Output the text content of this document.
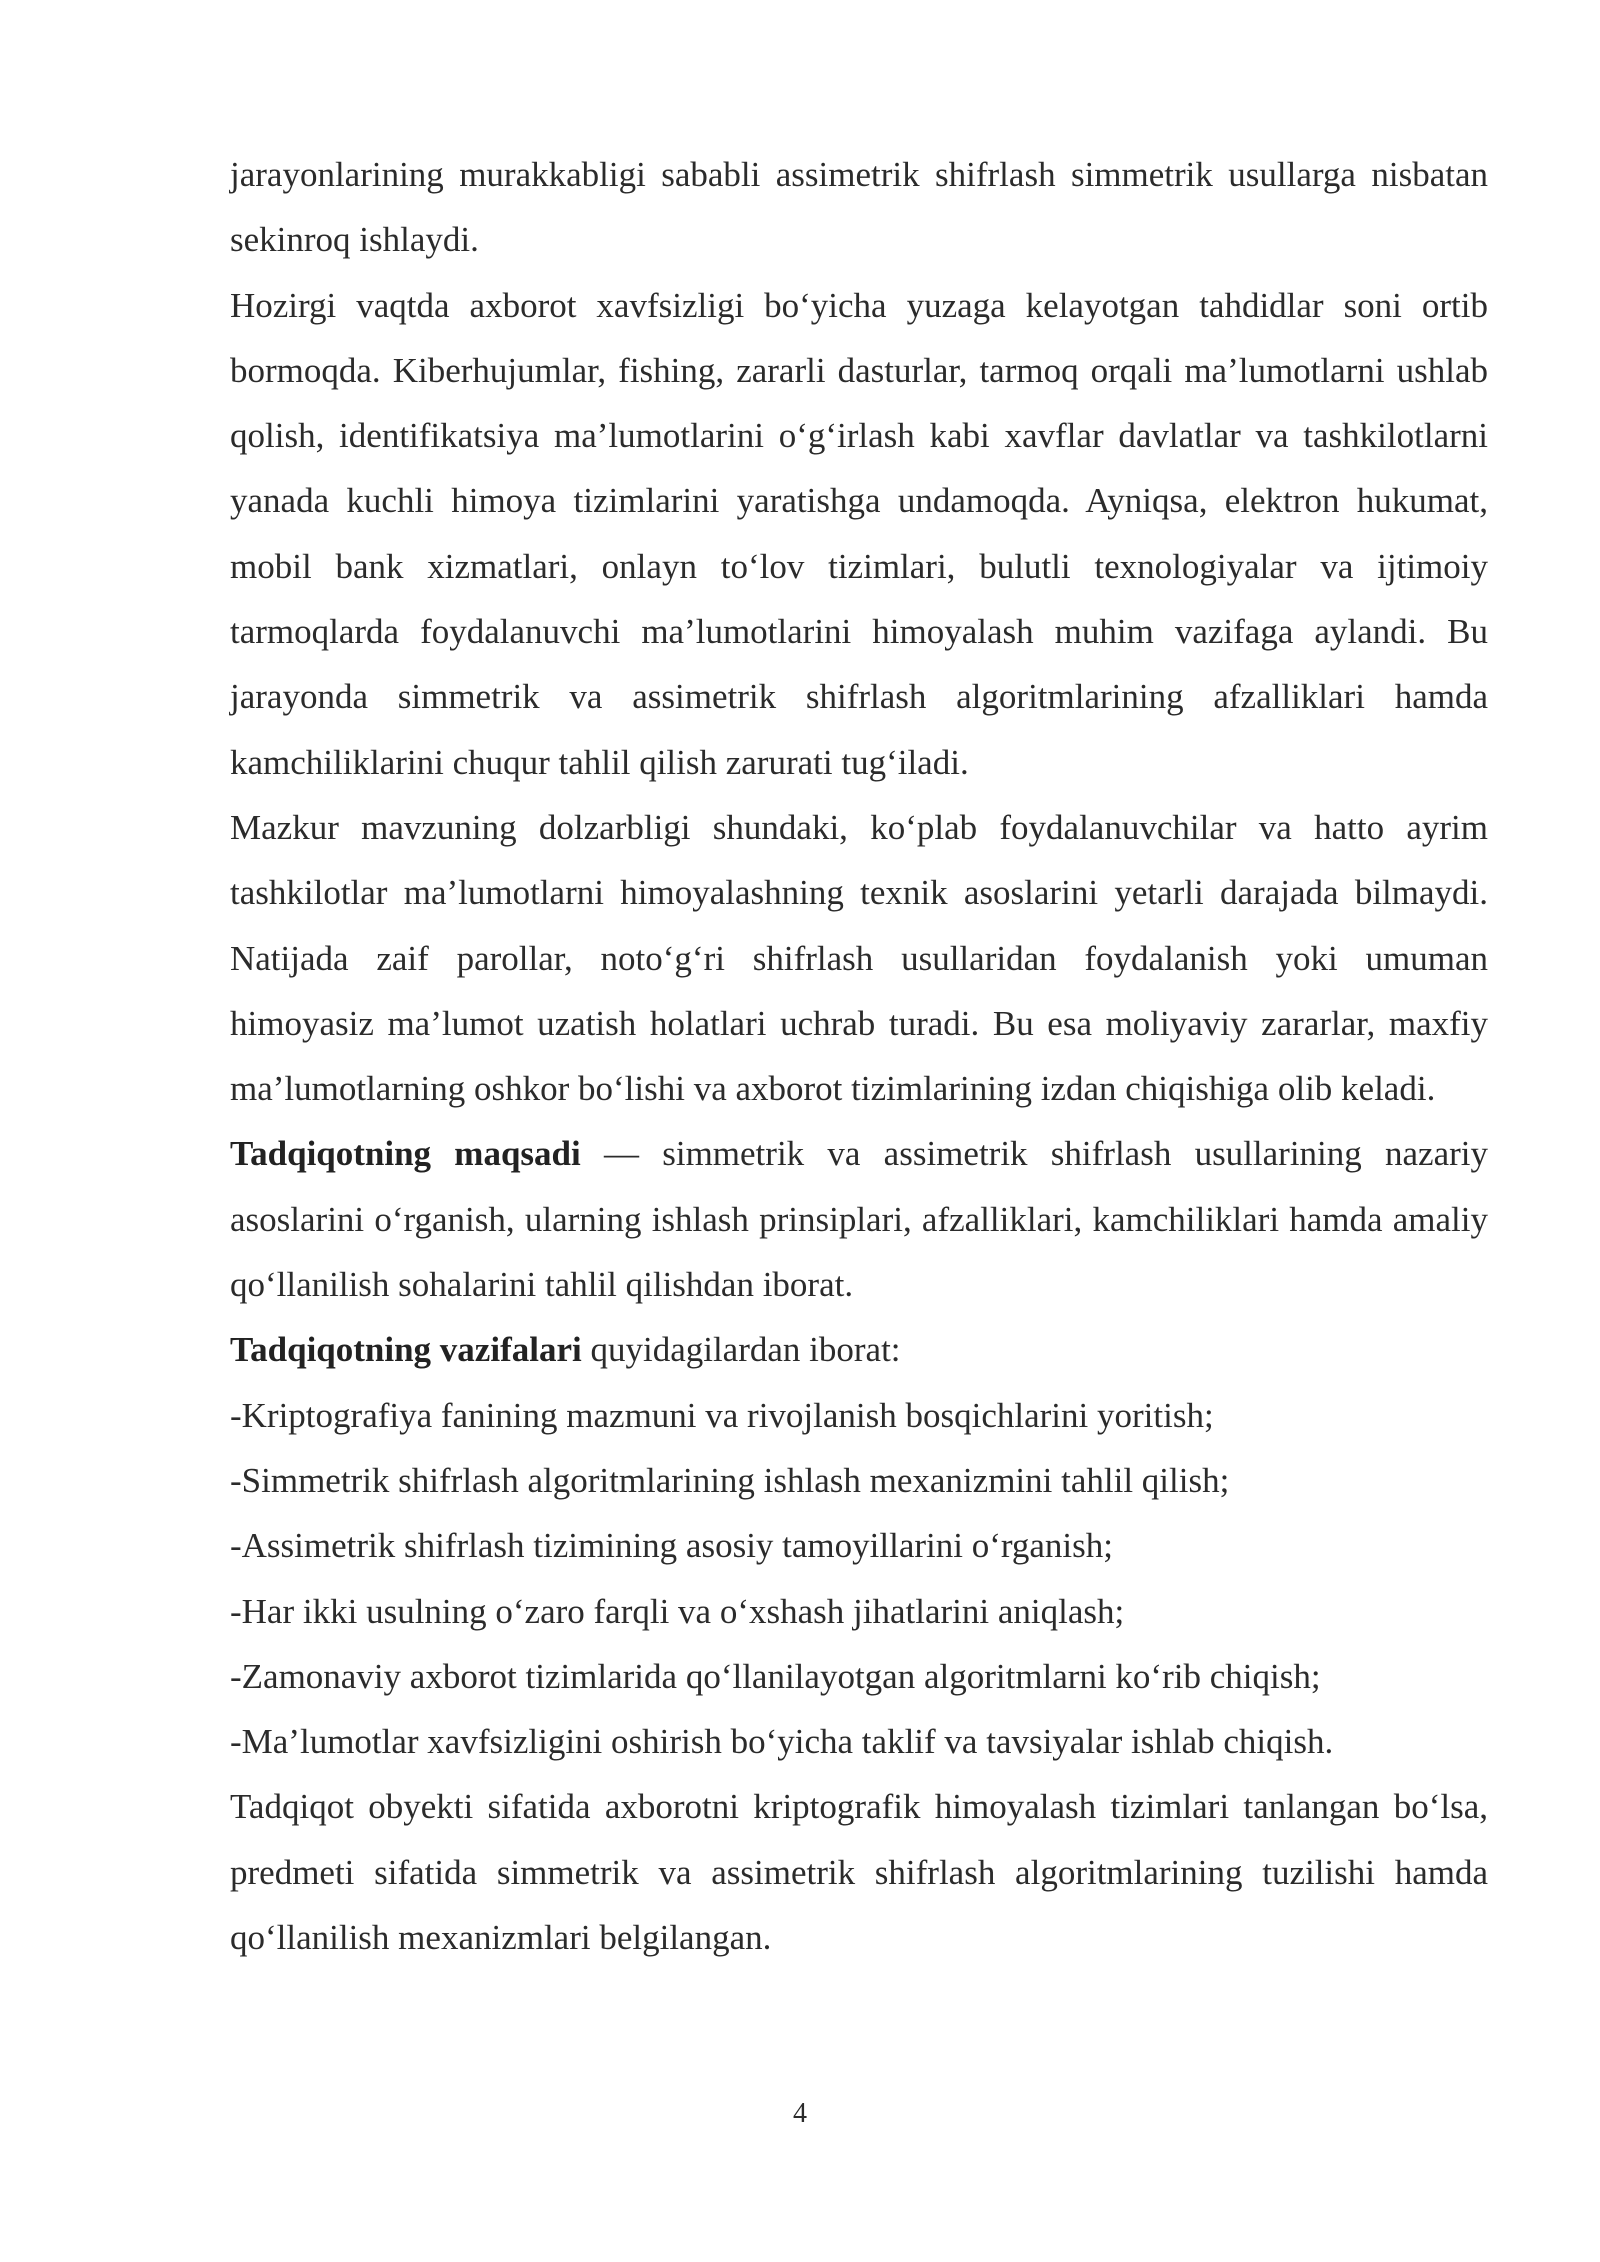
jarayonlarining murakkabligi sababli assimetrik shifrlash simmetrik usullarga nisbatan sekinroq ishlaydi.

Hozirgi vaqtda axborot xavfsizligi bo‘yicha yuzaga kelayotgan tahdidlar soni ortib bormoqda. Kiberhujumlar, fishing, zararli dasturlar, tarmoq orqali ma’lumotlarni ushlab qolish, identifikatsiya ma’lumotlarini o‘g‘irlash kabi xavflar davlatlar va tashkilotlarni yanada kuchli himoya tizimlarini yaratishga undamoqda. Ayniqsa, elektron hukumat, mobil bank xizmatlari, onlayn to‘lov tizimlari, bulutli texnologiyalar va ijtimoiy tarmoqlarda foydalanuvchi ma’lumotlarini himoyalash muhim vazifaga aylandi. Bu jarayonda simmetrik va assimetrik shifrlash algoritmlarining afzalliklari hamda kamchiliklarini chuqur tahlil qilish zarurati tug‘iladi.

Mazkur mavzuning dolzarbligi shundaki, ko‘plab foydalanuvchilar va hatto ayrim tashkilotlar ma’lumotlarni himoyalashning texnik asoslarini yetarli darajada bilmaydi. Natijada zaif parollar, noto‘g‘ri shifrlash usullaridan foydalanish yoki umuman himoyasiz ma’lumot uzatish holatlari uchrab turadi. Bu esa moliyaviy zararlar, maxfiy ma’lumotlarning oshkor bo‘lishi va axborot tizimlarining izdan chiqishiga olib keladi.

Tadqiqotning maqsadi — simmetrik va assimetrik shifrlash usullarining nazariy asoslarini o‘rganish, ularning ishlash prinsiplari, afzalliklari, kamchiliklari hamda amaliy qo‘llanilish sohalarini tahlil qilishdan iborat.

Tadqiqotning vazifalari quyidagilardan iborat:

-Kriptografiya fanining mazmuni va rivojlanish bosqichlarini yoritish;

-Simmetrik shifrlash algoritmlarining ishlash mexanizmini tahlil qilish;

-Assimetrik shifrlash tizimining asosiy tamoyillarini o‘rganish;

-Har ikki usulning o‘zaro farqli va o‘xshash jihatlarini aniqlash;

-Zamonaviy axborot tizimlarida qo‘llanilayotgan algoritmlarni ko‘rib chiqish;

-Ma’lumotlar xavfsizligini oshirish bo‘yicha taklif va tavsiyalar ishlab chiqish.

Tadqiqot obyekti sifatida axborotni kriptografik himoyalash tizimlari tanlangan bo‘lsa, predmeti sifatida simmetrik va assimetrik shifrlash algoritmlarining tuzilishi hamda qo‘llanilish mexanizmlari belgilangan.

4
